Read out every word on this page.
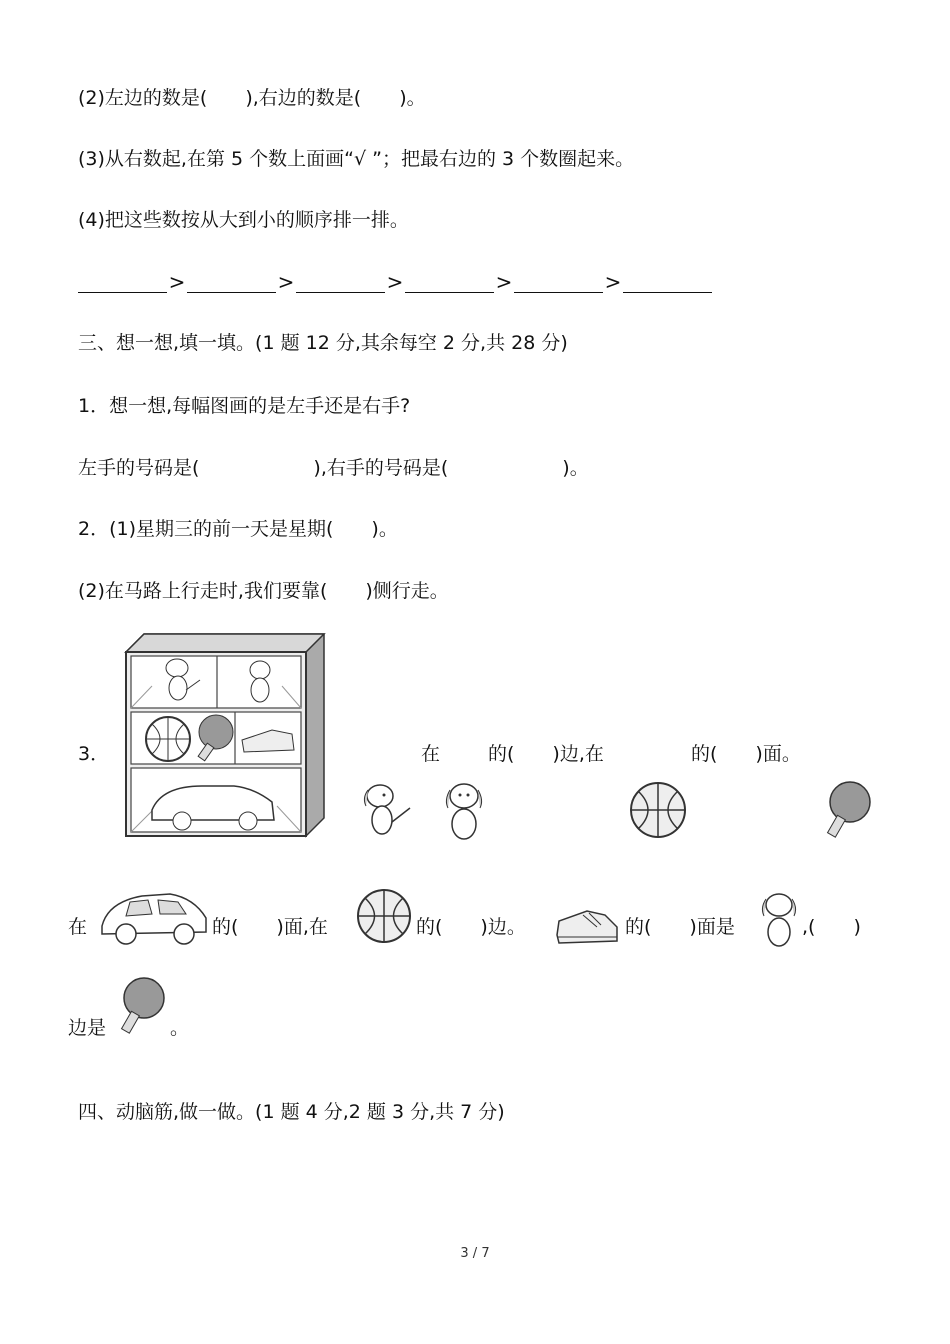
(2)左边的数是(　　),右边的数是(　　)。
(3)从右数起,在第 5 个数上面画“√ ”；把最右边的 3 个数圈起来。
(4)把这些数按从大到小的顺序排一排。
>	>	>	>	>
三、想一想,填一填。(1 题 12 分,其余每空 2 分,共 28 分)
1．想一想,每幅图画的是左手还是右手?
左手的号码是(　　　　　　),右手的号码是(　　　　　　)。
2．(1)星期三的前一天是星期(　　)。
(2)在马路上行走时,我们要靠(　　)侧行走。
3．	在	的(　　)边,在	的(　　)面。
在	的(　　)面,在	的(　　)边。	的(　　)面是	,(　　)
边是	。
四、动脑筋,做一做。(1 题 4 分,2 题 3 分,共 7 分)
3 / 7
